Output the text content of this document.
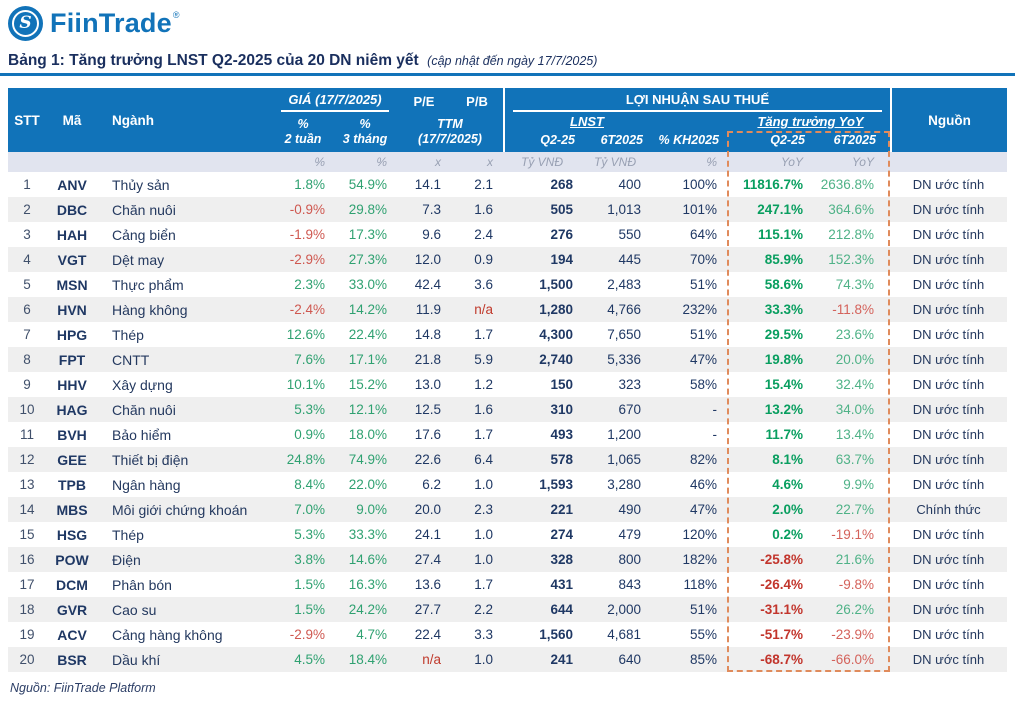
S FiinTrade ®
Bảng 1: Tăng trưởng LNST Q2-2025 của 20 DN niêm yết (cập nhật đến ngày 17/7/2025)
STT Mã Ngành
GIÁ (17/7/2025)
%
2 tuần
%
3 tháng
P/E	P/B
TTM
(17/7/2025)
LỢI NHUẬN SAU THUẾ
LNST
Q2-25	6T2025	% KH2025
Tăng trưởng YoY
Q2-25	6T2025
Nguồn
%	%	x	x	Tỷ VNĐ	Tỷ VNĐ	%	YoY	YoY
1	ANV	Thủy sản	1.8%	54.9%	14.1	2.1	268	400	100%	11816.7%	2636.8%	DN ước tính
2	DBC	Chăn nuôi	-0.9%	29.8%	7.3	1.6	505	1,013	101%	247.1%	364.6%	DN ước tính
3	HAH	Cảng biển	-1.9%	17.3%	9.6	2.4	276	550	64%	115.1%	212.8%	DN ước tính
4	VGT	Dệt may	-2.9%	27.3%	12.0	0.9	194	445	70%	85.9%	152.3%	DN ước tính
5	MSN	Thực phẩm	2.3%	33.0%	42.4	3.6	1,500	2,483	51%	58.6%	74.3%	DN ước tính
6	HVN	Hàng không	-2.4%	14.2%	11.9	n/a	1,280	4,766	232%	33.3%	-11.8%	DN ước tính
7	HPG	Thép	12.6%	22.4%	14.8	1.7	4,300	7,650	51%	29.5%	23.6%	DN ước tính
8	FPT	CNTT	7.6%	17.1%	21.8	5.9	2,740	5,336	47%	19.8%	20.0%	DN ước tính
9	HHV	Xây dựng	10.1%	15.2%	13.0	1.2	150	323	58%	15.4%	32.4%	DN ước tính
10	HAG	Chăn nuôi	5.3%	12.1%	12.5	1.6	310	670	-	13.2%	34.0%	DN ước tính
11	BVH	Bảo hiểm	0.9%	18.0%	17.6	1.7	493	1,200	-	11.7%	13.4%	DN ước tính
12	GEE	Thiết bị điện	24.8%	74.9%	22.6	6.4	578	1,065	82%	8.1%	63.7%	DN ước tính
13	TPB	Ngân hàng	8.4%	22.0%	6.2	1.0	1,593	3,280	46%	4.6%	9.9%	DN ước tính
14	MBS	Môi giới chứng khoán	7.0%	9.0%	20.0	2.3	221	490	47%	2.0%	22.7%	Chính thức
15	HSG	Thép	5.3%	33.3%	24.1	1.0	274	479	120%	0.2%	-19.1%	DN ước tính
16	POW	Điện	3.8%	14.6%	27.4	1.0	328	800	182%	-25.8%	21.6%	DN ước tính
17	DCM	Phân bón	1.5%	16.3%	13.6	1.7	431	843	118%	-26.4%	-9.8%	DN ước tính
18	GVR	Cao su	1.5%	24.2%	27.7	2.2	644	2,000	51%	-31.1%	26.2%	DN ước tính
19	ACV	Cảng hàng không	-2.9%	4.7%	22.4	3.3	1,560	4,681	55%	-51.7%	-23.9%	DN ước tính
20	BSR	Dầu khí	4.5%	18.4%	n/a	1.0	241	640	85%	-68.7%	-66.0%	DN ước tính
Nguồn: FiinTrade Platform
